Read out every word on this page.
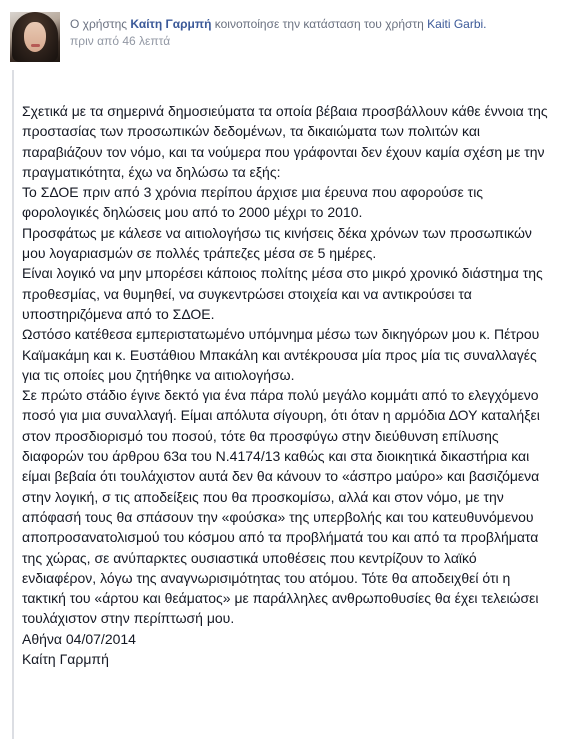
Ο χρήστης Καίτη Γαρμπή κοινοποίησε την κατάσταση του χρήστη Kaiti Garbi.
πριν από 46 λεπτά

Σχετικά με τα σημερινά δημοσιεύματα τα οποία βέβαια προσβάλλουν κάθε έννοια της προστασίας των προσωπικών δεδομένων, τα δικαιώματα των πολιτών και παραβιάζουν τον νόμο, και τα νούμερα που γράφονται δεν έχουν καμία σχέση με την πραγματικότητα, έχω να δηλώσω τα εξής:

Το ΣΔΟΕ πριν από 3 χρόνια περίπου άρχισε μια έρευνα που αφορούσε τις φορολογικές δηλώσεις μου από το 2000 μέχρι το 2010.

Προσφάτως με κάλεσε να αιτιολογήσω τις κινήσεις δέκα χρόνων των προσωπικών μου λογαριασμών σε πολλές τράπεζες μέσα σε 5 ημέρες.

Είναι λογικό να μην μπορέσει κάποιος πολίτης μέσα στο μικρό χρονικό διάστημα της προθεσμίας, να θυμηθεί, να συγκεντρώσει στοιχεία και να αντικρούσει τα υποστηριζόμενα από το ΣΔΟΕ.

Ωστόσο κατέθεσα εμπεριστατωμένο υπόμνημα μέσω των δικηγόρων μου κ. Πέτρου Καϊμακάμη και κ. Ευστάθιου Μπακάλη και αντέκρουσα μία προς μία τις συναλλαγές για τις οποίες μου ζητήθηκε να αιτιολογήσω.

Σε πρώτο στάδιο έγινε δεκτό για ένα πάρα πολύ μεγάλο κομμάτι από το ελεγχόμενο ποσό για μια συναλλαγή. Είμαι απόλυτα σίγουρη, ότι όταν η αρμόδια ΔΟΥ καταλήξει στον προσδιορισμό του ποσού, τότε θα προσφύγω στην διεύθυνση επίλυσης διαφορών του άρθρου 63α του Ν.4174/13 καθώς και στα διοικητικά δικαστήρια και είμαι βεβαία ότι τουλάχιστον αυτά δεν θα κάνουν το «άσπρο μαύρο» και βασιζόμενα στην λογική, σ τις αποδείξεις που θα προσκομίσω, αλλά και στον νόμο, με την απόφασή τους θα σπάσουν την «φούσκα» της υπερβολής και του κατευθυνόμενου αποπροσανατολισμού του κόσμου από τα προβλήματά του και από τα προβλήματα της χώρας, σε ανύπαρκτες ουσιαστικά υποθέσεις που κεντρίζουν το λαϊκό ενδιαφέρον, λόγω της αναγνωρισιμότητας του ατόμου. Τότε θα αποδειχθεί ότι η τακτική του «άρτου και θεάματος» με παράλληλες ανθρωποθυσίες θα έχει τελειώσει τουλάχιστον στην περίπτωσή μου.

Αθήνα 04/07/2014

Καίτη Γαρμπή
